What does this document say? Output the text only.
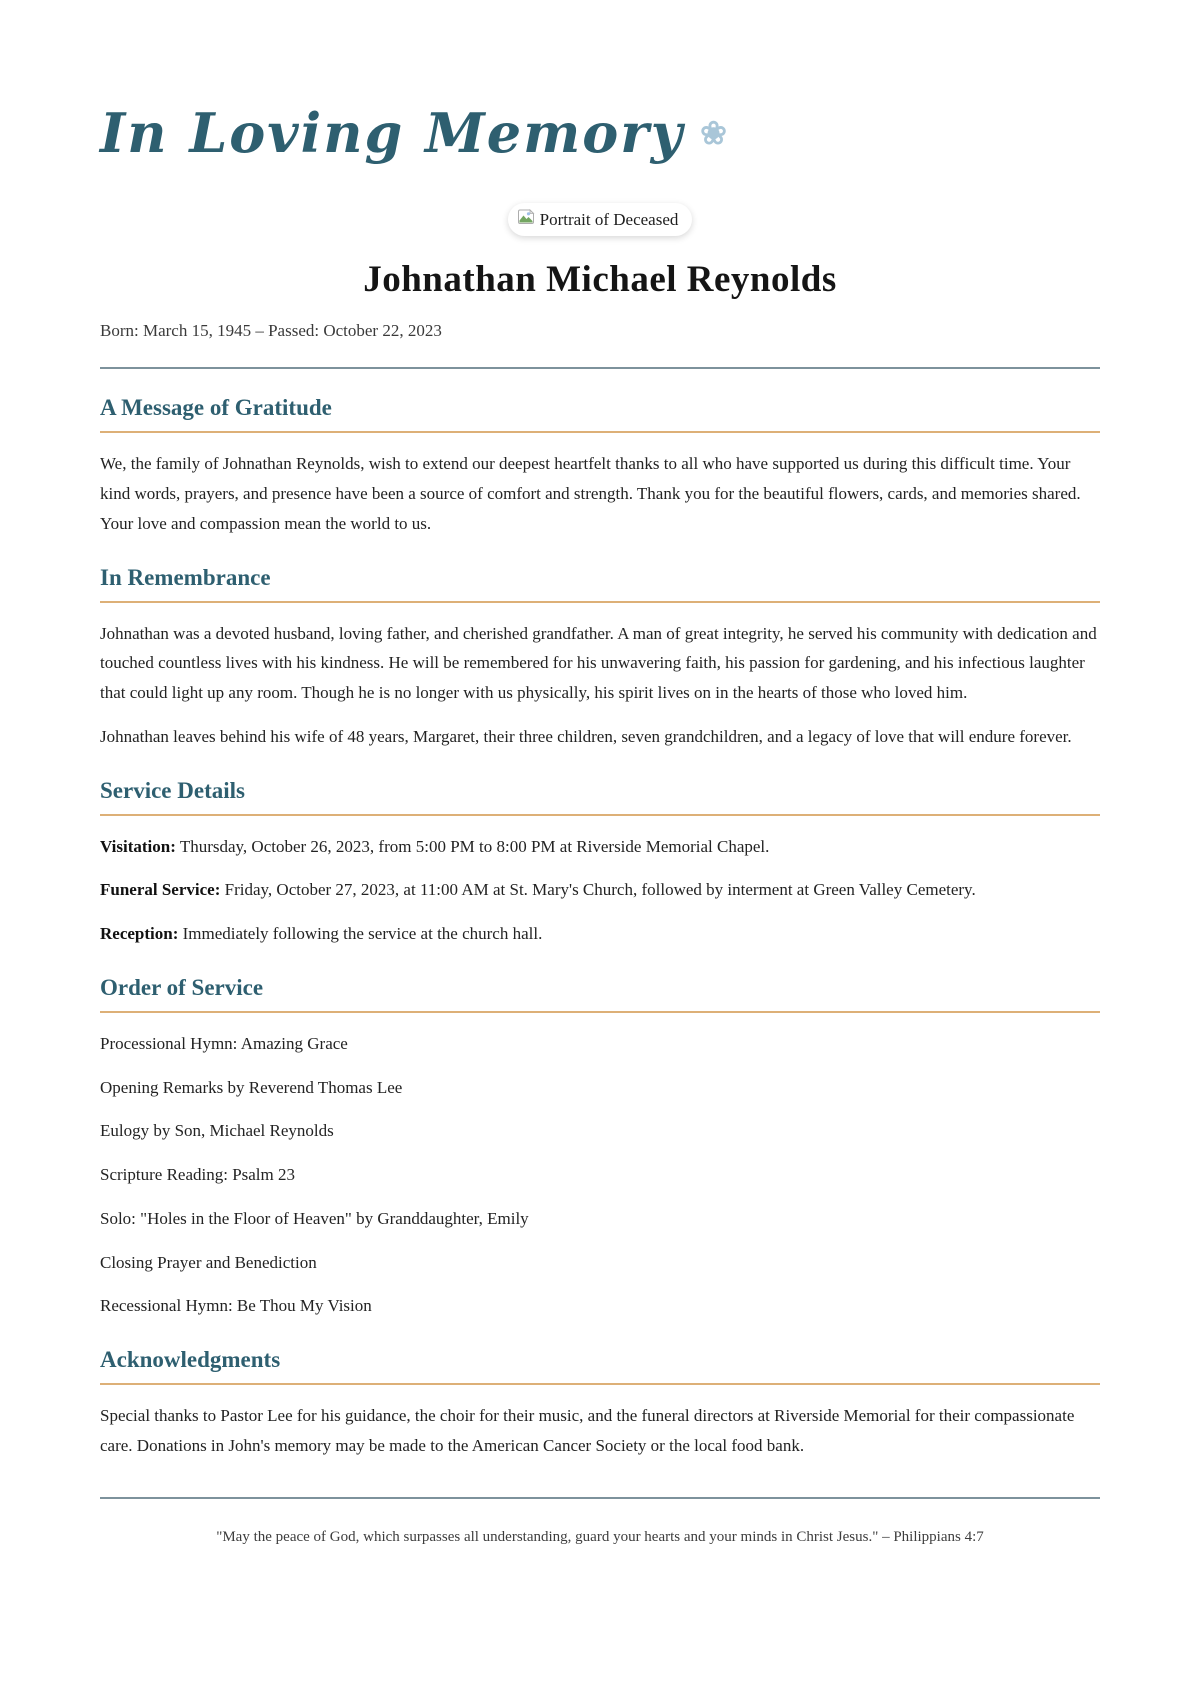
In Loving Memory ❀
Portrait of Deceased
Johnathan Michael Reynolds

Born: March 15, 1945 – Passed: October 22, 2023

A Message of Gratitude

We, the family of Johnathan Reynolds, wish to extend our deepest heartfelt thanks to all who have supported us during this difficult time. Your kind words, prayers, and presence have been a source of comfort and strength. Thank you for the beautiful flowers, cards, and memories shared. Your love and compassion mean the world to us.

In Remembrance

Johnathan was a devoted husband, loving father, and cherished grandfather. A man of great integrity, he served his community with dedication and touched countless lives with his kindness. He will be remembered for his unwavering faith, his passion for gardening, and his infectious laughter that could light up any room. Though he is no longer with us physically, his spirit lives on in the hearts of those who loved him.

Johnathan leaves behind his wife of 48 years, Margaret, their three children, seven grandchildren, and a legacy of love that will endure forever.

Service Details

Visitation: Thursday, October 26, 2023, from 5:00 PM to 8:00 PM at Riverside Memorial Chapel.

Funeral Service: Friday, October 27, 2023, at 11:00 AM at St. Mary's Church, followed by interment at Green Valley Cemetery.

Reception: Immediately following the service at the church hall.

Order of Service

Processional Hymn: Amazing Grace

Opening Remarks by Reverend Thomas Lee

Eulogy by Son, Michael Reynolds

Scripture Reading: Psalm 23

Solo: "Holes in the Floor of Heaven" by Granddaughter, Emily

Closing Prayer and Benediction

Recessional Hymn: Be Thou My Vision

Acknowledgments

Special thanks to Pastor Lee for his guidance, the choir for their music, and the funeral directors at Riverside Memorial for their compassionate care. Donations in John's memory may be made to the American Cancer Society or the local food bank.

"May the peace of God, which surpasses all understanding, guard your hearts and your minds in Christ Jesus." – Philippians 4:7
